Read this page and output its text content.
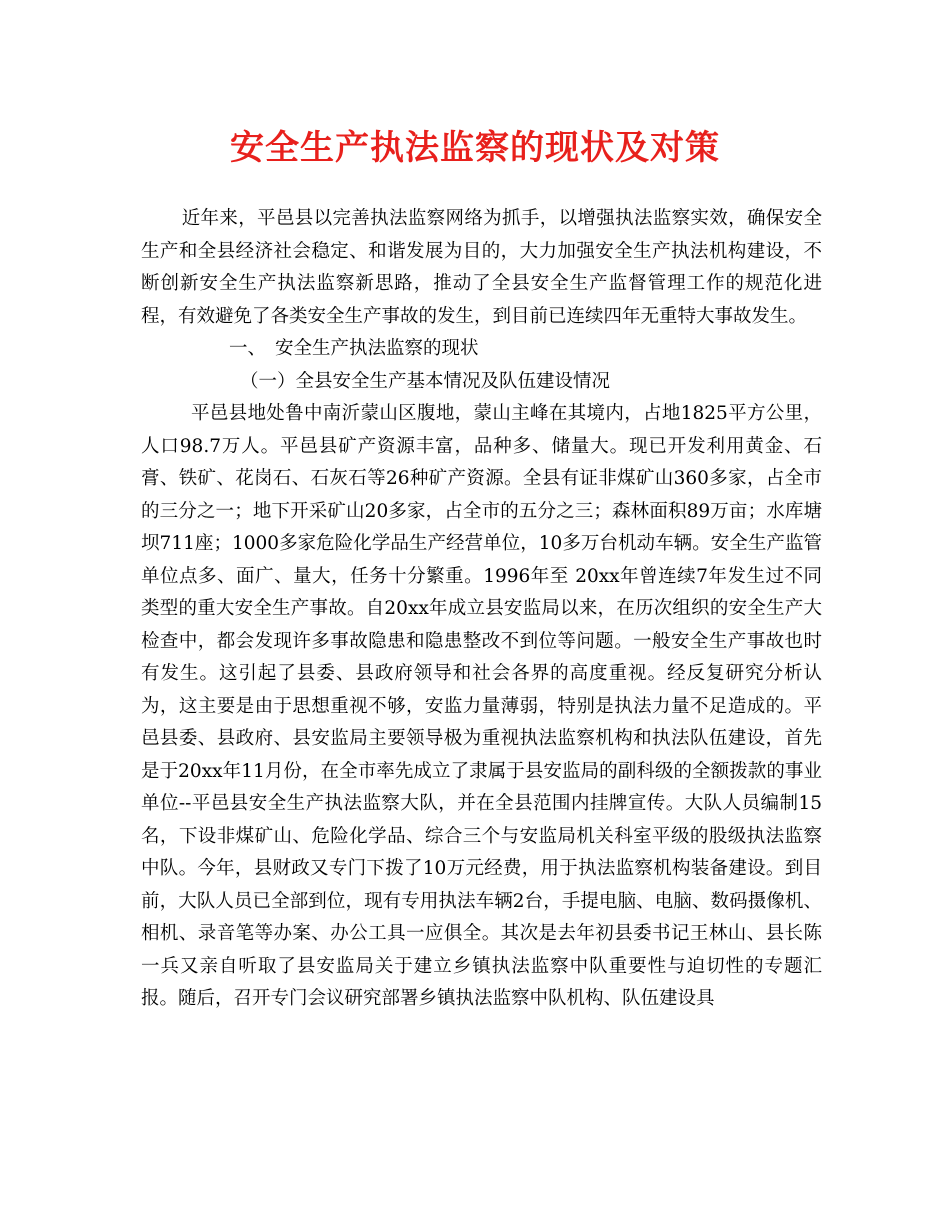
安全生产执法监察的现状及对策

近年来，平邑县以完善执法监察网络为抓手，以增强执法监察实效，确保安全生产和全县经济社会稳定、和谐发展为目的，大力加强安全生产执法机构建设，不断创新安全生产执法监察新思路，推动了全县安全生产监督管理工作的规范化进程，有效避免了各类安全生产事故的发生，到目前已连续四年无重特大事故发生。

一、 安全生产执法监察的现状

（一）全县安全生产基本情况及队伍建设情况

平邑县地处鲁中南沂蒙山区腹地，蒙山主峰在其境内，占地1825平方公里，人口98.7万人。平邑县矿产资源丰富，品种多、储量大。现已开发利用黄金、石膏、铁矿、花岗石、石灰石等26种矿产资源。全县有证非煤矿山360多家，占全市的三分之一；地下开采矿山20多家，占全市的五分之三；森林面积89万亩；水库塘坝711座；1000多家危险化学品生产经营单位，10多万台机动车辆。安全生产监管单位点多、面广、量大，任务十分繁重。1996年至 20xx年曾连续7年发生过不同类型的重大安全生产事故。自20xx年成立县安监局以来，在历次组织的安全生产大检查中，都会发现许多事故隐患和隐患整改不到位等问题。一般安全生产事故也时有发生。这引起了县委、县政府领导和社会各界的高度重视。经反复研究分析认为，这主要是由于思想重视不够，安监力量薄弱，特别是执法力量不足造成的。平邑县委、县政府、县安监局主要领导极为重视执法监察机构和执法队伍建设，首先是于20xx年11月份，在全市率先成立了隶属于县安监局的副科级的全额拨款的事业单位--平邑县安全生产执法监察大队，并在全县范围内挂牌宣传。大队人员编制15名，下设非煤矿山、危险化学品、综合三个与安监局机关科室平级的股级执法监察中队。今年，县财政又专门下拨了10万元经费，用于执法监察机构装备建设。到目前，大队人员已全部到位，现有专用执法车辆2台，手提电脑、电脑、数码摄像机、相机、录音笔等办案、办公工具一应俱全。其次是去年初县委书记王林山、县长陈一兵又亲自听取了县安监局关于建立乡镇执法监察中队重要性与迫切性的专题汇报。随后，召开专门会议研究部署乡镇执法监察中队机构、队伍建设具
